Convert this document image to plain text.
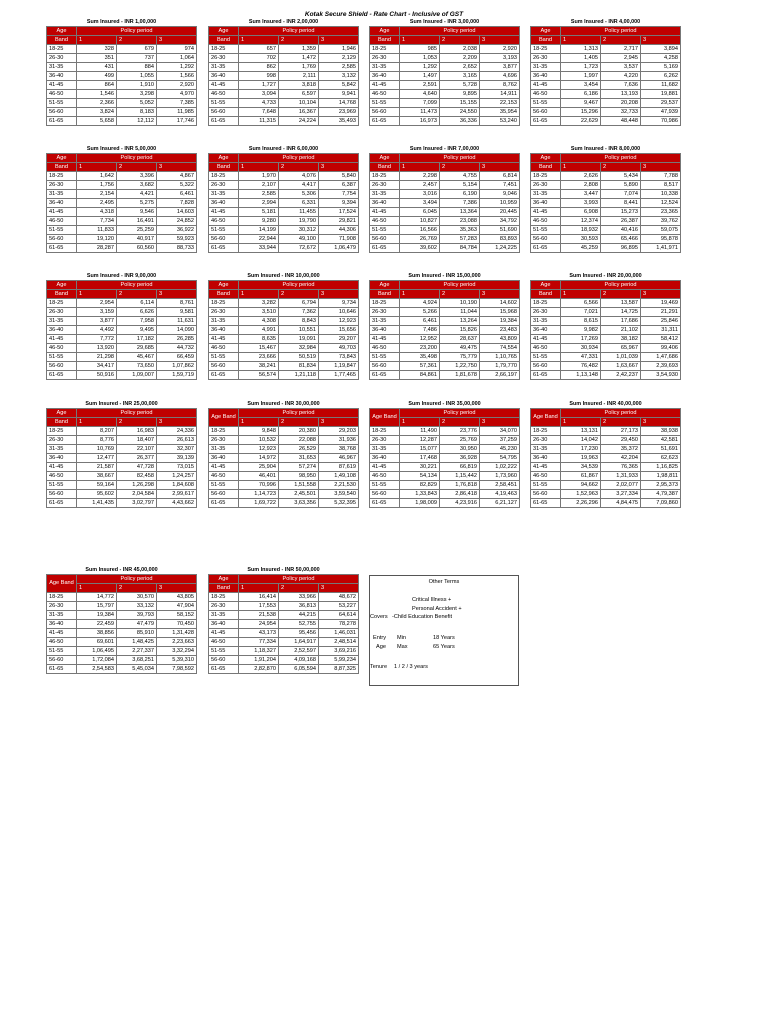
Kotak Secure Shield - Rate Chart - Inclusive of GST
Sum Insured - INR 1,00,000
Age	Policy period		
Band	1	2	3
18-25	328	679	974
26-30	351	737	1,064
31-35	431	884	1,292
36-40	499	1,055	1,566
41-45	864	1,910	2,920
46-50	1,546	3,298	4,970
51-55	2,366	5,052	7,385
56-60	3,824	8,183	11,985
61-65	5,658	12,112	17,746
Sum Insured - INR 2,00,000
Age	Policy period		
Band	1	2	3
18-25	657	1,359	1,946
26-30	702	1,472	2,129
31-35	862	1,769	2,585
36-40	998	2,111	3,132
41-45	1,727	3,818	5,842
46-50	3,094	6,597	9,941
51-55	4,733	10,104	14,768
56-60	7,648	16,367	23,969
61-65	11,315	24,224	35,493
Sum Insured - INR 3,00,000
Age	Policy period		
Band	1	2	3
18-25	985	2,038	2,920
26-30	1,053	2,209	3,193
31-35	1,292	2,652	3,877
36-40	1,497	3,165	4,696
41-45	2,591	5,728	8,762
46-50	4,640	9,895	14,911
51-55	7,099	15,155	22,153
56-60	11,473	24,550	35,954
61-65	16,973	36,336	53,240
Sum Insured - INR 4,00,000
Age	Policy period		
Band	1	2	3
18-25	1,313	2,717	3,894
26-30	1,405	2,945	4,258
31-35	1,723	3,537	5,169
36-40	1,997	4,220	6,262
41-45	3,454	7,636	11,682
46-50	6,186	13,193	19,881
51-55	9,467	20,208	29,537
56-60	15,296	32,733	47,939
61-65	22,629	48,448	70,986
Sum Insured - INR 5,00,000
Age	Policy period		
Band	1	2	3
18-25	1,642	3,396	4,867
26-30	1,756	3,682	5,322
31-35	2,154	4,421	6,461
36-40	2,495	5,275	7,828
41-45	4,318	9,546	14,603
46-50	7,734	16,491	24,852
51-55	11,833	25,259	36,922
56-60	19,120	40,917	59,923
61-65	28,287	60,560	88,733
Sum Insured - INR 6,00,000
Age	Policy period		
Band	1	2	3
18-25	1,970	4,076	5,840
26-30	2,107	4,417	6,387
31-35	2,585	5,306	7,754
36-40	2,994	6,331	9,394
41-45	5,181	11,455	17,524
46-50	9,280	19,790	29,821
51-55	14,199	30,312	44,306
56-60	22,944	49,100	71,908
61-65	33,944	72,672	1,06,479
Sum Insured - INR 7,00,000
Age	Policy period		
Band	1	2	3
18-25	2,298	4,755	6,814
26-30	2,457	5,154	7,451
31-35	3,016	6,190	9,046
36-40	3,494	7,386	10,959
41-45	6,045	13,364	20,445
46-50	10,827	23,088	34,792
51-55	16,566	35,363	51,690
56-60	26,769	57,283	83,893
61-65	39,602	84,784	1,24,225
Sum Insured - INR 8,00,000
Age	Policy period		
Band	1	2	3
18-25	2,626	5,434	7,788
26-30	2,808	5,890	8,517
31-35	3,447	7,074	10,338
36-40	3,993	8,441	12,524
41-45	6,908	15,273	23,365
46-50	12,374	26,387	39,762
51-55	18,932	40,416	59,075
56-60	30,593	65,466	95,878
61-65	45,259	96,895	1,41,971
Sum Insured - INR 9,00,000
Age	Policy period		
Band	1	2	3
18-25	2,954	6,114	8,761
26-30	3,159	6,626	9,581
31-35	3,877	7,958	11,631
36-40	4,492	9,495	14,090
41-45	7,772	17,182	26,285
46-50	13,920	29,685	44,732
51-55	21,298	45,467	66,459
56-60	34,417	73,650	1,07,862
61-65	50,916	1,09,007	1,59,719
Sum Insured - INR 10,00,000
Age	Policy period		
Band	1	2	3
18-25	3,282	6,794	9,734
26-30	3,510	7,362	10,646
31-35	4,308	8,843	12,923
36-40	4,991	10,551	15,656
41-45	8,635	19,091	29,207
46-50	15,467	32,984	49,703
51-55	23,666	50,519	73,843
56-60	38,241	81,834	1,19,847
61-65	56,574	1,21,118	1,77,465
Sum Insured - INR 15,00,000
Age	Policy period		
Band	1	2	3
18-25	4,924	10,190	14,602
26-30	5,266	11,044	15,968
31-35	6,461	13,264	19,384
36-40	7,486	15,826	23,483
41-45	12,952	28,637	43,809
46-50	23,200	49,475	74,554
51-55	35,498	75,779	1,10,765
56-60	57,361	1,22,750	1,79,770
61-65	84,861	1,81,678	2,66,197
Sum Insured - INR 20,00,000
Age	Policy period		
Band	1	2	3
18-25	6,566	13,587	19,469
26-30	7,021	14,725	21,291
31-35	8,615	17,686	25,846
36-40	9,982	21,102	31,311
41-45	17,269	38,182	58,412
46-50	30,934	65,967	99,406
51-55	47,331	1,01,039	1,47,686
56-60	76,482	1,63,667	2,39,693
61-65	1,13,148	2,42,237	3,54,930
Sum Insured - INR 25,00,000
Age	Policy period		
Band	1	2	3
18-25	8,207	16,983	24,336
26-30	8,776	18,407	26,613
31-35	10,769	22,107	32,307
36-40	12,477	26,377	39,139
41-45	21,587	47,728	73,015
46-50	38,667	82,458	1,24,257
51-55	59,164	1,26,298	1,84,608
56-60	95,602	2,04,584	2,99,617
61-65	1,41,435	3,02,797	4,43,662
Sum Insured - INR 30,00,000
Age Band	Policy period		
	1	2	3
18-25	9,848	20,380	29,203
26-30	10,532	22,088	31,936
31-35	12,923	26,529	38,768
36-40	14,972	31,653	46,967
41-45	25,904	57,274	87,619
46-50	46,401	98,950	1,49,108
51-55	70,996	1,51,558	2,21,530
56-60	1,14,723	2,45,501	3,59,540
61-65	1,69,722	3,63,356	5,32,395
Sum Insured - INR 35,00,000
Age Band	Policy period		
	1	2	3
18-25	11,490	23,776	34,070
26-30	12,287	25,769	37,259
31-35	15,077	30,950	45,230
36-40	17,468	36,928	54,795
41-45	30,221	66,819	1,02,222
46-50	54,134	1,15,442	1,73,960
51-55	82,829	1,76,818	2,58,451
56-60	1,33,843	2,86,418	4,19,463
61-65	1,98,009	4,23,916	6,21,127
Sum Insured - INR 40,00,000
Age Band	Policy period		
	1	2	3
18-25	13,131	27,173	38,938
26-30	14,042	29,450	42,581
31-35	17,230	35,372	51,691
36-40	19,963	42,204	62,623
41-45	34,539	76,365	1,16,825
46-50	61,867	1,31,933	1,98,811
51-55	94,662	2,02,077	2,95,373
56-60	1,52,963	3,27,334	4,79,387
61-65	2,26,296	4,84,475	7,09,860
Sum Insured - INR 45,00,000
Age Band	Policy period		
	1	2	3
18-25	14,772	30,570	43,805
26-30	15,797	33,132	47,904
31-35	19,384	39,793	58,152
36-40	22,459	47,479	70,450
41-45	38,856	85,910	1,31,428
46-50	69,601	1,48,425	2,23,663
51-55	1,06,495	2,27,337	3,32,294
56-60	1,72,084	3,68,251	5,39,310
61-65	2,54,583	5,45,034	7,98,592
Sum Insured - INR 50,00,000
Age	Policy period		
Band	1	2	3
18-25	16,414	33,966	48,672
26-30	17,553	36,813	53,227
31-35	21,538	44,215	64,614
36-40	24,954	52,755	78,278
41-45	43,173	95,456	1,46,031
46-50	77,334	1,64,917	2,48,514
51-55	1,18,327	2,52,597	3,69,216
56-60	1,91,204	4,09,168	5,99,234
61-65	2,82,870	6,05,594	8,87,325
Other Terms
Critical Illness +
Covers
Personal Accident +
-Child Education Benefit
Entry Min	18 Years
Age Max	65 Years
Tenure 1 / 2 / 3 years
